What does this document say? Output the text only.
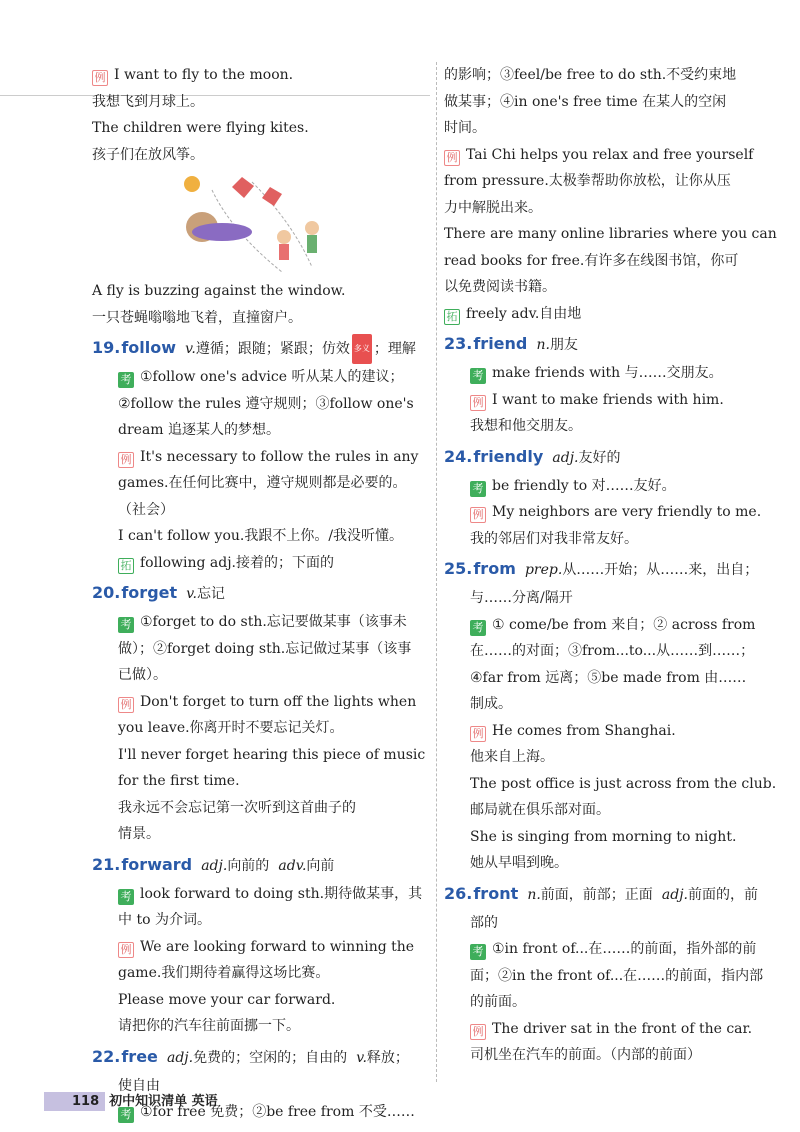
例 I want to fly to the moon.
我想飞到月球上。
The children were flying kites.
孩子们在放风筝。
A fly is buzzing against the window.
一只苍蝇嗡嗡地飞着，直撞窗户。
19.follow v.遵循；跟随；紧跟；仿效 多义 ；理解
考 ①follow one's advice 听从某人的建议；
②follow the rules 遵守规则；③follow one's
dream 追逐某人的梦想。
例 It's necessary to follow the rules in any
games.在任何比赛中，遵守规则都是必要的。
（社会）
I can't follow you.我跟不上你。/我没听懂。
拓 following adj.接着的；下面的
20.forget v.忘记
考 ①forget to do sth.忘记要做某事（该事未
做）；②forget doing sth.忘记做过某事（该事
已做）。
例 Don't forget to turn off the lights when
you leave.你离开时不要忘记关灯。
I'll never forget hearing this piece of music
for the first time.
我永远不会忘记第一次听到这首曲子的
情景。
21.forward adj.向前的 adv.向前
考 look forward to doing sth.期待做某事，其
中 to 为介词。
例 We are looking forward to winning the
game.我们期待着赢得这场比赛。
Please move your car forward.
请把你的汽车往前面挪一下。
22.free adj.免费的；空闲的；自由的 v.释放；
使自由
考 ①for free 免费；②be free from 不受……
的影响；③feel/be free to do sth.不受约束地
做某事；④in one's free time 在某人的空闲
时间。
例 Tai Chi helps you relax and free yourself
from pressure.太极拳帮助你放松，让你从压
力中解脱出来。
There are many online libraries where you can
read books for free.有许多在线图书馆，你可
以免费阅读书籍。
拓 freely adv.自由地
23.friend n.朋友
考 make friends with 与……交朋友。
例 I want to make friends with him.
我想和他交朋友。
24.friendly adj.友好的
考 be friendly to 对……友好。
例 My neighbors are very friendly to me.
我的邻居们对我非常友好。
25.from prep.从……开始；从……来，出自；
与……分离/隔开
考 ① come/be from 来自；② across from
在……的对面；③from...to...从……到……；
④far from 远离；⑤be made from 由……
制成。
例 He comes from Shanghai.
他来自上海。
The post office is just across from the club.
邮局就在俱乐部对面。
She is singing from morning to night.
她从早唱到晚。
26.front n.前面，前部；正面 adj.前面的，前
部的
考 ①in front of...在……的前面，指外部的前
面；②in the front of...在……的前面，指内部
的前面。
例 The driver sat in the front of the car.
司机坐在汽车的前面。（内部的前面）
118 初中知识清单 英语
